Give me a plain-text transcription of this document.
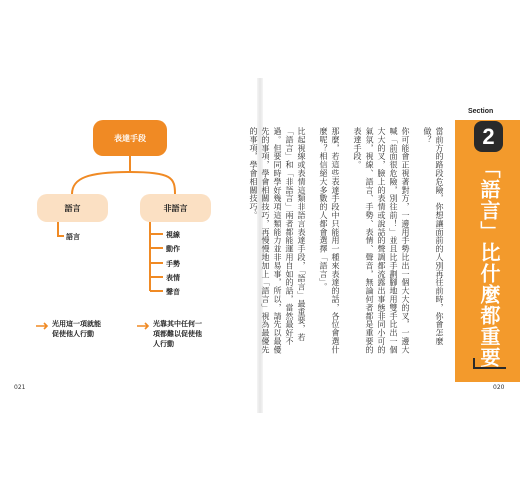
表達手段
語言	非語言
語言	視線
動作
手勢
表情
聲音
光用這一項就能
促使他人行動
光靠其中任何一
項都難以促使他
人行動
021	020
Section
2
「語言」比什麼都重要

當前方的路段危險，你想讓面前的人別再往前時，你會怎麼做？

你可能會正視著對方，一邊用手勢比出一個大大的叉，一邊大喊「前面很危險，別往前！」並且比手劃腳地用雙手比出一個大大的叉，臉上的表情或說話的聲調都流露出事態非同小可的氣氛，視線、語言、手勢、表情、聲音，無論何者都是重要的表達手段。

那麼，若這些表達手段中只能用一種來表達的話，各位會選什麼呢？相信絕大多數的人都會選擇「語言」。

比起視線或表情這類非語言表達手段，「語言」最重要，若「語言」和「非語言」兩者都能運用自如的話，當然最好不過。但要同時學好幾項這類能力並非易事，所以，請先以最優先的事項，學會相關技巧，再慢慢地加上「語言」視為最優先的事項，學會相關技巧。
